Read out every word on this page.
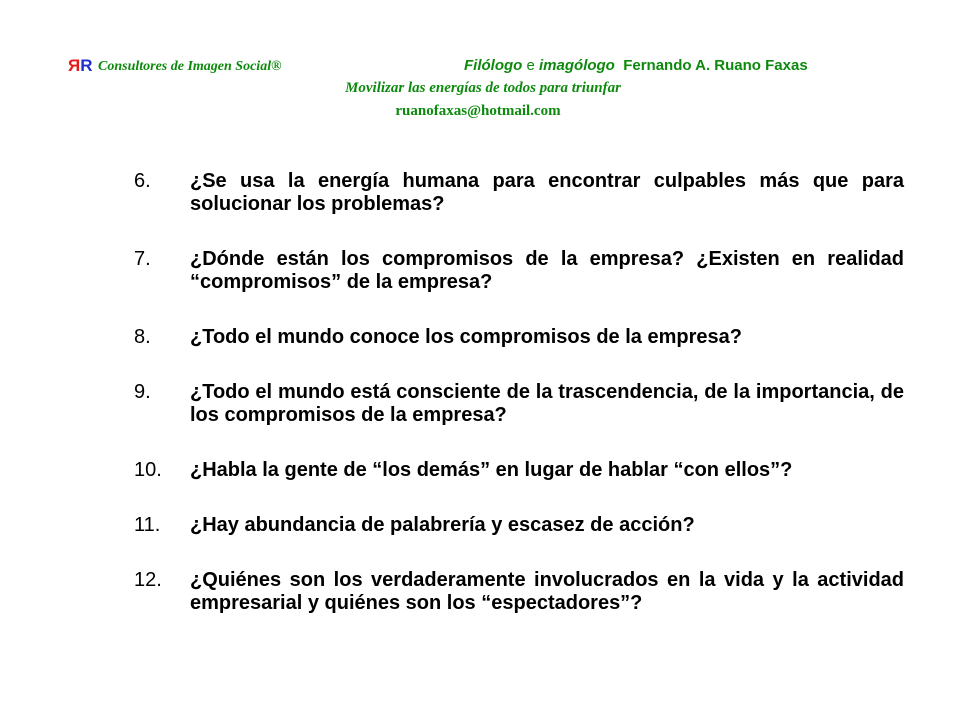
ЯR Consultores de Imagen Social®	Filólogo e imagólogo Fernando A. Ruano Faxas
Movilizar las energías de todos para triunfar
ruanofaxas@hotmail.com
6. ¿Se usa la energía humana para encontrar culpables más que para solucionar los problemas?
7. ¿Dónde están los compromisos de la empresa? ¿Existen en realidad “compromisos” de la empresa?
8. ¿Todo el mundo conoce los compromisos de la empresa?
9. ¿Todo el mundo está consciente de la trascendencia, de la importancia, de los compromisos de la empresa?
10. ¿Habla la gente de “los demás” en lugar de hablar “con ellos”?
11. ¿Hay abundancia de palabrería y escasez de acción?
12. ¿Quiénes son los verdaderamente involucrados en la vida y la actividad empresarial y quiénes son los “espectadores”?
